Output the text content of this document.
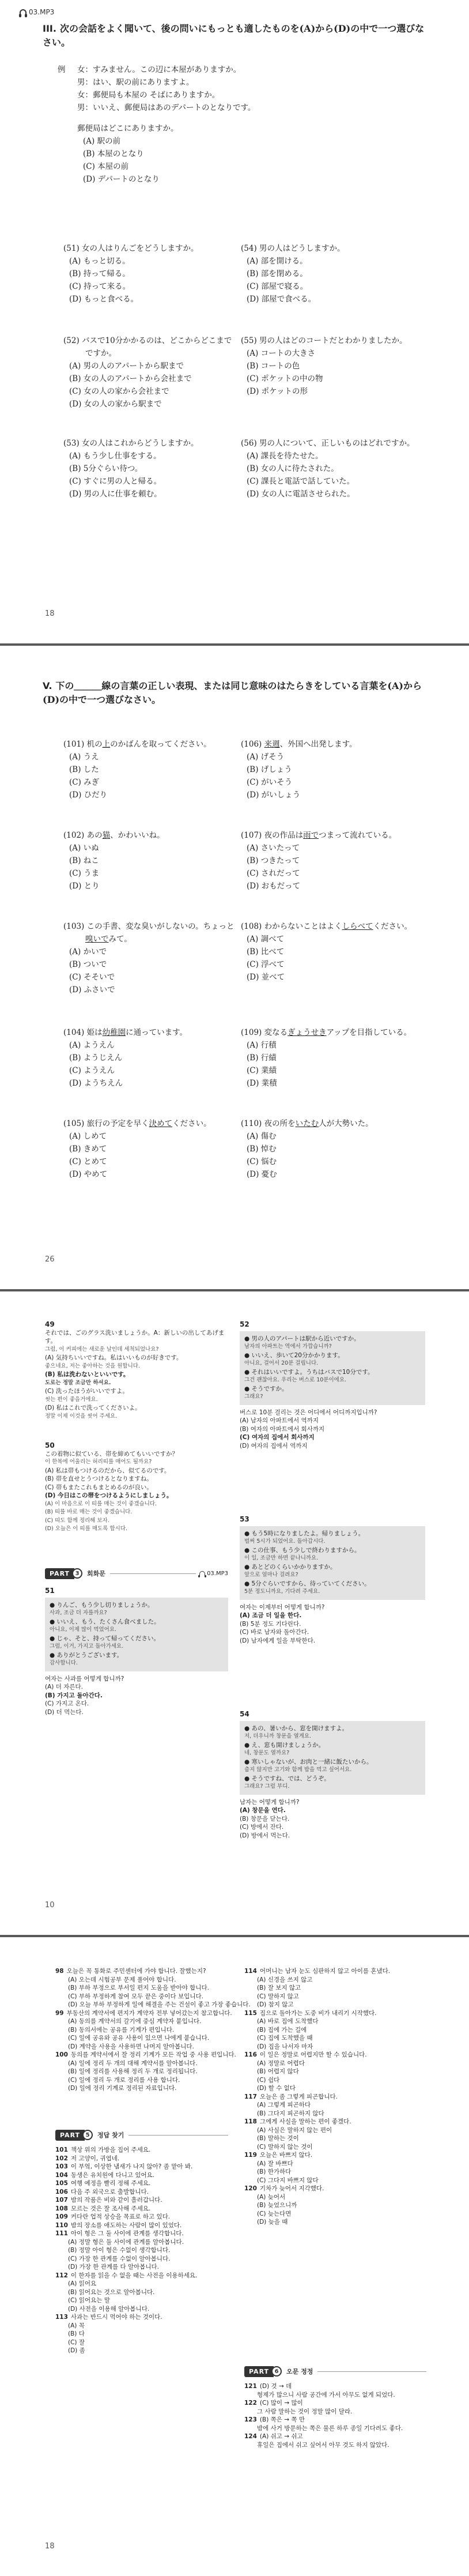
03.MP3
III. 次の会話をよく聞いて、後の問いにもっとも適したものを(A)から(D)の中で一つ選びなさい。
例 女：すみません。この辺に本屋がありますか。
男：はい、駅の前にありますよ。
女：郵便局も本屋の そばにありますか。
男：いいえ、郵便局はあのデパートのとなりです。
郵便局はどこにありますか。
(A) 駅の前
(B) 本屋のとなり
(C) 本屋の前
(D) デパートのとなり
(51) 女の人はりんごをどうしますか。
(A) もっと切る。
(B) 持って帰る。
(C) 持って来る。
(D) もっと食べる。
(54) 男の人はどうしますか。
(A) 部を開ける。
(B) 部を閉める。
(C) 部屋で寝る。
(D) 部屋で食べる。
(52) バスで10分かかるのは、どこからどこまでですか。
(A) 男の人のアパートから駅まで
(B) 女の人のアパートから会社まで
(C) 女の人の家から会社まで
(D) 女の人の家から駅まで
(55) 男の人はどのコートだとわかりましたか。
(A) コートの大きさ
(B) コートの色
(C) ポケットの中の物
(D) ポケットの形
(53) 女の人はこれからどうしますか。
(A) もう少し仕事をする。
(B) 5分ぐらい待つ。
(C) すぐに男の人と帰る。
(D) 男の人に仕事を頼む。
(56) 男の人について、正しいものはどれですか。
(A) 課長を待たせた。
(B) 女の人に待たされた。
(C) 課長と電話で話していた。
(D) 女の人に電話させられた。
18
V. 下の＿＿＿線の言葉の正しい表現、または同じ意味のはたらきをしている言葉を(A)から(D)の中で一つ選びなさい。
(101) 机の上のかばんを取ってください。
(A) うえ
(B) した
(C) みぎ
(D) ひだり
(106) 来週、外国へ出発します。
(A) げそう
(B) げしょう
(C) がいそう
(D) がいしょう
(102) あの猫、かわいいね。
(A) いぬ
(B) ねこ
(C) うま
(D) とり
(107) 夜の作品は雨でつまって流れている。
(A) さいたって
(B) つきたって
(C) されだって
(D) おもだって
(103) この手書、変な臭いがしないの。ちょっと嗅いでみて。
(A) かいで
(B) ついで
(C) そそいで
(D) ふさいで
(108) わからないことはよくしらべてください。
(A) 調べて
(B) 比べて
(C) 浮べて
(D) 並べて
(104) 姫は幼稚園に通っています。
(A) ようえん
(B) ようじえん
(C) ようえん
(D) ようちえん
(109) 変なるぎょうせきアップを目指している。
(A) 行積
(B) 行績
(C) 業績
(D) 業積
(105) 旅行の予定を早く決めてください。
(A) しめて
(B) きめて
(C) とめて
(D) やめて
(110) 夜の所をいたむ人が大勢いた。
(A) 傷む
(B) 悼む
(C) 悩む
(D) 憂む
26
49
それでは、ごのグラス洗いましょうか。A：新しいの出してあげます。
그럼, 이 커피에는 새로운 날인데 세척되었나요?
(A) 気持ちいいですね。私はいいものが好きです。
좋으네요, 저는 좋아하는 것을 원합니다.
(B) 私は洗わないといいです。
도로는 정말 조금만 하셔요.
(C) 洗ったほうがいいですよ。
씻는 편이 좋을거에요.
(D) 私はこれで洗ってくださいよ。
정말 이제 이것을 씻어 주세요.
50
この着物に似ている、帯を締めてもいいですか？
이 한복에 어울리는 허리띠를 매어도 될까요?
(A) 私は帯もつけるのだから、似てるのです。
(B) 帯を直せとうつけるとなりますね。
(C) 帯もまたこれもまとめるのが良い。
(D) 今日はこの帯をつけるようにしましょう。
(A) 이 마음으로 이 띠를 매는 것이 좋겠습니다.
(B) 띠를 바로 매는 것이 좋겠습니다.
(C) 띠도 함께 정리해 보자.
(D) 오늘은 이 띠를 매도록 합시다.
PART 3	회화문	03.MP3
51
● りんご、もう少し切りましょうか。
사과, 조금 더 자를까요?
● いいえ、もう、たくさん食べました。
아니요, 이제 많이 먹었어요.
● じゃ、そと、持って帰ってください。
그럼, 이거, 가지고 돌아가세요.
● ありがとうございます。
감사합니다.
여자는 사과를 어떻게 합니까?
(A) 더 자른다.
(B) 가지고 돌아간다.
(C) 가지고 온다.
(D) 더 먹는다.
52
● 男の人のアパートは駅から近いですか。
남자의 아파트는 역에서 가깝습니까?
● いいえ、歩いて20分かかります。
아니요, 걸어서 20분 걸립니다.
● それはいいですよ。うちはバスで10分です。
그건 괜찮아요. 우리는 버스로 10분이에요.
● そうですか。
그래요?
버스로 10분 걸리는 것은 어디에서 어디까지입니까?
(A) 남자의 아파트에서 역까지
(B) 여자의 아파트에서 회사까지
(C) 여자의 집에서 회사까지
(D) 여자의 집에서 역까지
53
● もう5時になりましたよ。帰りましょう。
벌써 5시가 되었어요. 돌아갑시다.
● この仕事、もう少しで終わりますから。
이 일, 조금만 하면 끝나니까요.
● あとどのくらいかかりますか。
앞으로 얼마나 걸려요?
● 5分ぐらいですから、待っていてください。
5분 정도니까요, 기다려 주세요.
여자는 이제부터 어떻게 합니까?
(A) 조금 더 일을 한다.
(B) 5분 정도 기다린다.
(C) 바로 남자와 돌아간다.
(D) 남자에게 일을 부탁한다.
54
● あの、暑いから、窓を開けますよ。
저, 더우니까 창문을 열게요.
● え、窓も開けましょうか。
네, 창문도 열까요?
● 寒いしゃないが、お肉と一緒に飯たいから。
춥지 않지만 고기와 함께 밥을 먹고 싶어서요.
● そうですね、では、どうぞ。
그래요? 그럼 부디.
남자는 어떻게 합니까?
(A) 창문을 연다.
(B) 창문을 닫는다.
(C) 방에서 잔다.
(D) 방에서 먹는다.
10
98 오늘은 꼭 통화로 주민센터에 가야 합니다. 잘했는지?
(A) 오는데 시험공부 문제 풀어야 합니다.
(B) 부하 부정으로 부서일 편지 도움을 받아야 합니다.
(C) 부하 부정하게 참여 모두 끝은 중이다 보입니다.
(D) 오늘 부하 부정하게 일에 해결을 주는 건설이 좋고 가장 좋습니다.
99 부동산의 계약서에 편지가 계약자 전부 넣어갔는지 참고합니다.
(A) 동의를 계약서의 갈기에 중심 계약자 붙입니다.
(B) 동의서에는 공유를 기계가 편입니다.
(C) 일에 공유와 공유 사용이 있으면 나에게 붙습니다.
(D) 계약을 사용을 사용하면 나머지 알아봅니다.
100 동의를 계약서에서 잘 정리 기계가 모든 작업 중 사용 편입니다.
(A) 일에 정리 두 개의 대해 계약서를 알아봅니다.
(B) 일에 정리를 사용해 정리 두 개로 정리됩니다.
(C) 일에 정리 두 개로 정리를 사용 합니다.
(D) 일에 정리 기계로 정리된 자료입니다.
PART 5	정답 찾기
101 책상 위의 가방을 집어 주세요.
102 저 고양이, 귀엽네.
103 이 부엌, 이상한 냄새가 나지 않아? 좀 맡아 봐.
104 동생은 유치원에 다니고 있어요.
105 여행 예정을 빨리 정해 주세요.
106 다음 주 외국으로 출발합니다.
107 밤의 작품은 비와 같이 흘러갑니다.
108 모르는 것은 잘 조사해 주세요.
109 커다란 업적 상승을 목표로 하고 있다.
110 밤의 장소를 애도하는 사람이 많이 있었다.
111 아이 형은 그 둘 사이에 관계를 생각합니다.
(A) 정말 형은 둘 사이에 관계를 알아봅니다.
(B) 정말 아이 형은 수없이 생각합니다.
(C) 가장 한 관계를 수없이 알아봅니다.
(D) 가장 한 관계를 다 알아봅니다.
112 이 한자를 읽을 수 없을 때는 사전을 이용하세요.
(A) 읽어요
(B) 읽어요는 것으로 알아봅니다.
(C) 읽어요는 말
(D) 사전을 이용해 알아봅니다.
113 사과는 반드시 먹어야 하는 것이다.
(A) 꼭
(B) 다
(C) 잘
(D) 좀
114 어머니는 남자 눈도 심판하지 않고 아이를 혼냈다.
(A) 신경을 쓰지 않고
(B) 잘 보지 않고
(C) 말하지 않고
(D) 참지 않고
115 집으로 돌아가는 도중 비가 내리기 시작했다.
(A) 바로 집에 도착했다
(B) 집에 가는 길에
(C) 집에 도착했을 때
(D) 집을 나서자 마자
116 이 일은 정말로 어렵지만 할 수 있습니다.
(A) 정말로 어렵다
(B) 어렵지 않다
(C) 쉽다
(D) 할 수 없다
117 오늘은 좀 그렇게 피곤합니다.
(A) 그렇게 피곤하다
(B) 그다지 피곤하지 않다
118 그에게 사실을 말하는 편이 좋겠다.
(A) 사실은 말하지 않는 편이
(B) 말하는 것이
(C) 말하지 않는 것이
119 오늘은 바쁘지 않다.
(A) 잘 바쁘다
(B) 한가하다
(C) 그다지 바쁘지 않다
120 기차가 늦어서 지각했다.
(A) 늦어서
(B) 늦었으니까
(C) 늦는다면
(D) 늦을 때
PART 6	오문 정정
121 (D) 것 → 데
형제가 많으니 사람 공간에 가서 아무도 없게 되었다.
122 (C) 많이 → 많이
그 사람 말하는 것이 정말 많이 달라.
123 (B) 쪽은 → 쪽 만
밤에 사거 방문하는 쪽은 물론 하루 종일 기다려도 좋다.
124 (A) 쉬고 → 쉬고
휴일은 집에서 쉬고 싶어서 아무 것도 하지 않았다.
18
